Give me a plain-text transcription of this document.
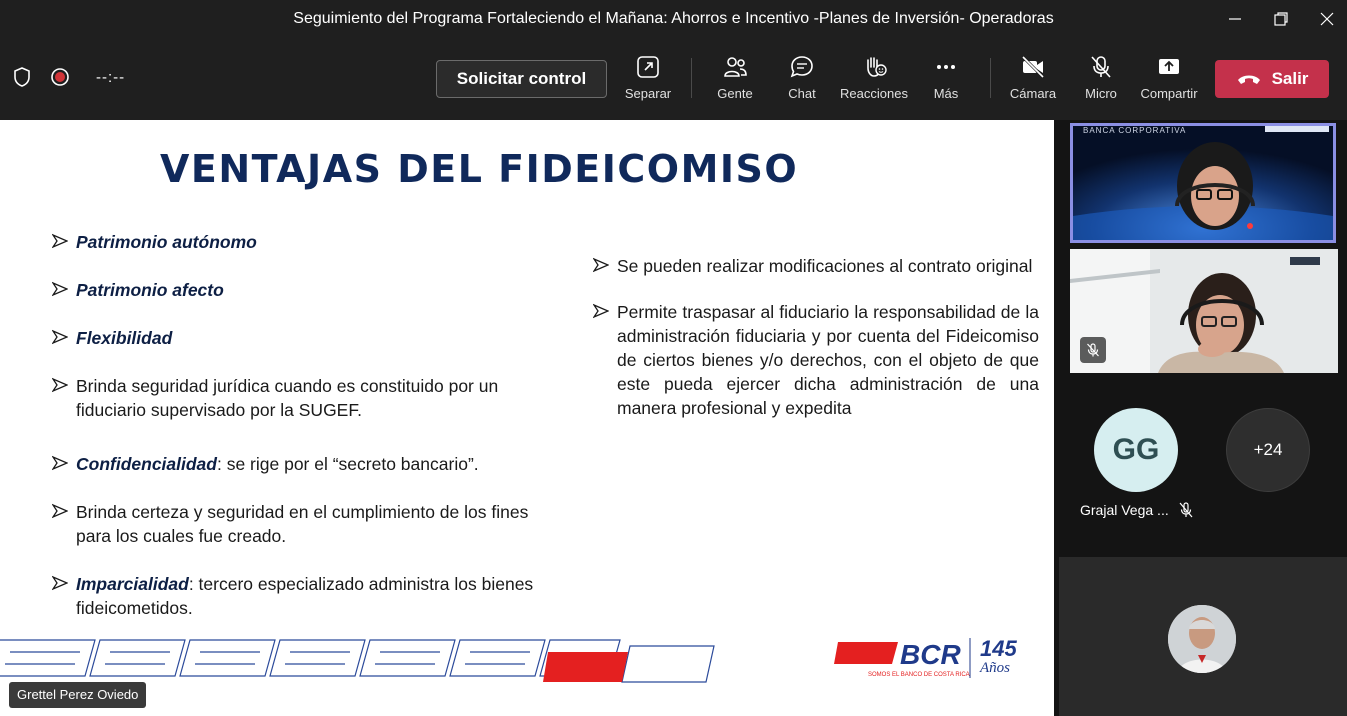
Seguimiento del Programa Fortaleciendo el Mañana: Ahorros e Incentivo -Planes de Inversión- Operadoras
--:--	Solicitar control
Separar	Gente	Chat	Reacciones	Más	Cámara	Micro	Compartir
Salir
VENTAJAS DEL FIDEICOMISO
Patrimonio autónomo
Patrimonio afecto
Flexibilidad
Brinda seguridad jurídica cuando es constituido por un fiduciario supervisado por la SUGEF.
Confidencialidad: se rige por el “secreto bancario”.
Brinda certeza y seguridad en el cumplimiento de los fines para los cuales fue creado.
Imparcialidad: tercero especializado administra los bienes fideicometidos.
Se pueden realizar modificaciones al contrato original
Permite traspasar al fiduciario la responsabilidad de la administración fiduciaria y por cuenta del Fideicomiso de ciertos bienes y/o derechos, con el objeto de que este pueda ejercer dicha administración de una manera profesional y expedita
BCR
SOMOS EL BANCO DE COSTA RICA
145
Años
Grettel Perez Oviedo
BANCA CORPORATIVA
GG	+24
Grajal Vega ...
